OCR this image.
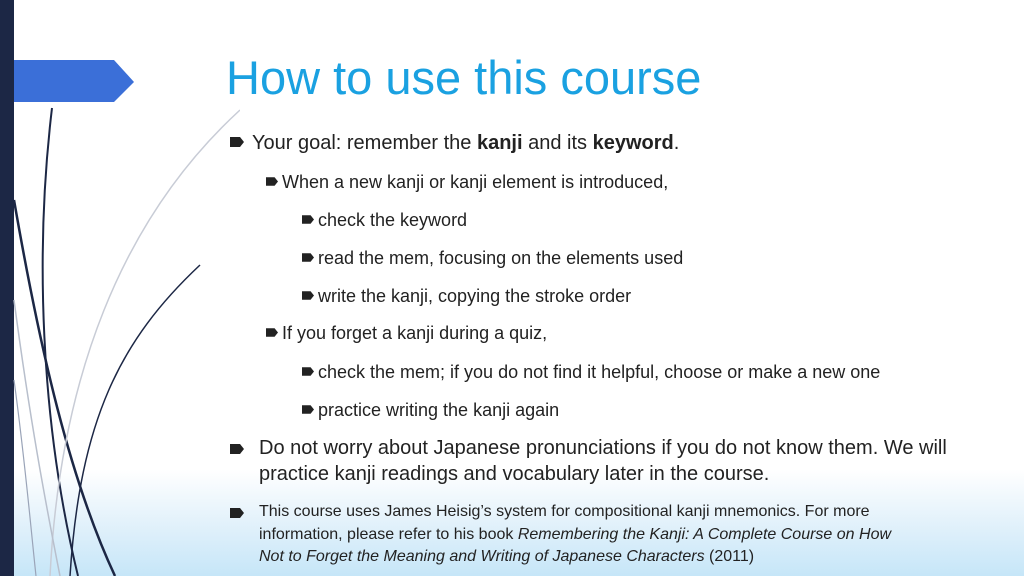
How to use this course
Your goal: remember the kanji and its keyword.
When a new kanji or kanji element is introduced,
check the keyword
read the mem, focusing on the elements used
write the kanji, copying the stroke order
If you forget a kanji during a quiz,
check the mem; if you do not find it helpful, choose or make a new one
practice writing the kanji again
Do not worry about Japanese pronunciations if you do not know them. We will
practice kanji readings and vocabulary later in the course.
This course uses James Heisig’s system for compositional kanji mnemonics. For more
information, please refer to his book Remembering the Kanji: A Complete Course on How
Not to Forget the Meaning and Writing of Japanese Characters (2011)
